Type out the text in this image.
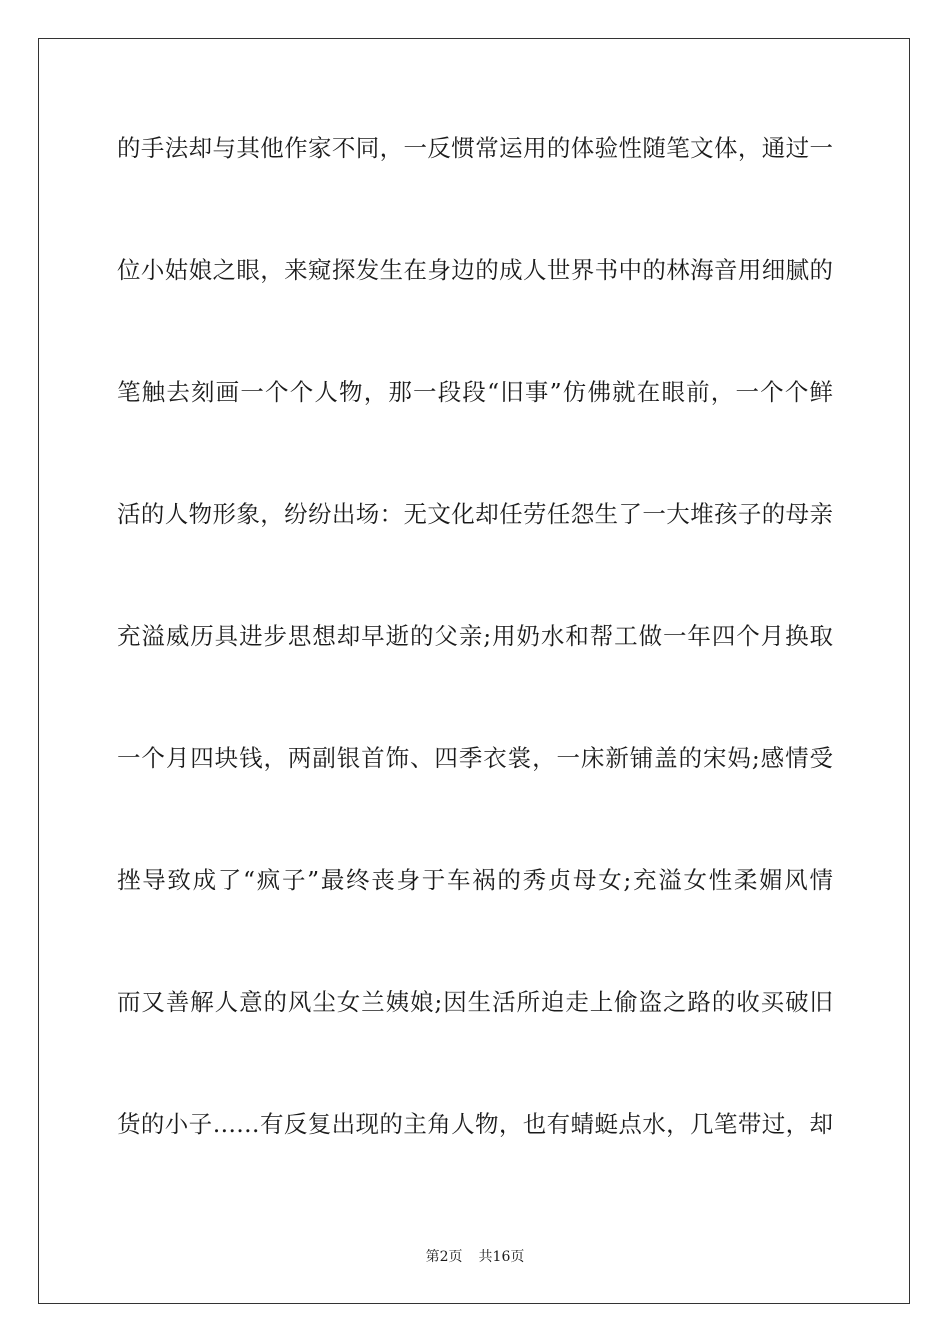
的手法却与其他作家不同，一反惯常运用的体验性随笔文体，通过一
位小姑娘之眼，来窥探发生在身边的成人世界书中的林海音用细腻的
笔触去刻画一个个人物，那一段段“旧事”仿佛就在眼前，一个个鲜
活的人物形象，纷纷出场：无文化却任劳任怨生了一大堆孩子的母亲
充溢威历具进步思想却早逝的父亲;用奶水和帮工做一年四个月换取
一个月四块钱，两副银首饰、四季衣裳，一床新铺盖的宋妈;感情受
挫导致成了“疯子”最终丧身于车祸的秀贞母女;充溢女性柔媚风情
而又善解人意的风尘女兰姨娘;因生活所迫走上偷盗之路的收买破旧
货的小子……有反复出现的主角人物，也有蜻蜓点水，几笔带过，却
第2页 共16页
